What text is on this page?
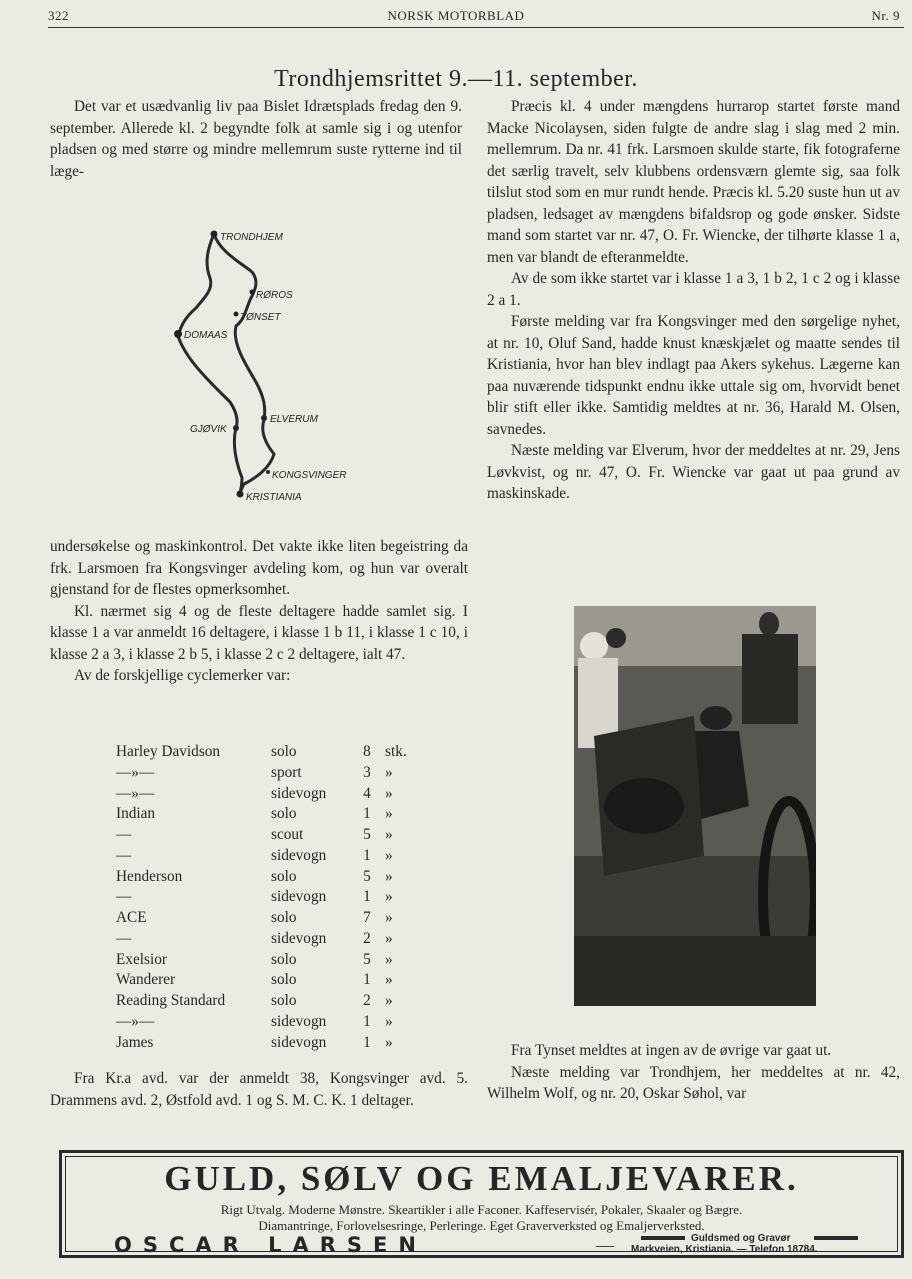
322	NORSK MOTORBLAD	Nr. 9
Trondhjemsrittet 9.—11. september.

Det var et usædvanlig liv paa Bislet Idrætsplads fredag den 9. september. Allerede kl. 2 begyndte folk at samle sig i og utenfor pladsen og med større og mindre mellemrum suste rytterne ind til læge-

TRONDHJEM
RØROS
TØNSET
DOMAAS
ELVERUM
GJØVIK
KONGSVINGER
KRISTIANIA

undersøkelse og maskinkontrol. Det vakte ikke liten begeistring da frk. Larsmoen fra Kongsvinger avdeling kom, og hun var overalt gjenstand for de flestes opmerksomhet.

Kl. nærmet sig 4 og de fleste deltagere hadde samlet sig. I klasse 1 a var anmeldt 16 deltagere, i klasse 1 b 11, i klasse 1 c 10, i klasse 2 a 3, i klasse 2 b 5, i klasse 2 c 2 deltagere, ialt 47.

Av de forskjellige cyclemerker var:

Harley Davidson	solo	8 stk.
—»—	sport	3 »
—»—	sidevogn	4 »
Indian	solo	1 »
—	scout	5 »
—	sidevogn	1 »
Henderson	solo	5 »
—	sidevogn	1 »
ACE	solo	7 »
—	sidevogn	2 »
Exelsior	solo	5 »
Wanderer	solo	1 »
Reading Standard	solo	2 »
—»—	sidevogn	1 »
James	sidevogn	1 »

Fra Kr.a avd. var der anmeldt 38, Kongsvinger avd. 5. Drammens avd. 2, Østfold avd. 1 og S. M. C. K. 1 deltager.

Præcis kl. 4 under mængdens hurrarop startet første mand Macke Nicolaysen, siden fulgte de andre slag i slag med 2 min. mellemrum. Da nr. 41 frk. Larsmoen skulde starte, fik fotograferne det særlig travelt, selv klubbens ordensværn glemte sig, saa folk tilslut stod som en mur rundt hende. Præcis kl. 5.20 suste hun ut av pladsen, ledsaget av mængdens bifaldsrop og gode ønsker. Sidste mand som startet var nr. 47, O. Fr. Wiencke, der tilhørte klasse 1 a, men var blandt de efteranmeldte.

Av de som ikke startet var i klasse 1 a 3, 1 b 2, 1 c 2 og i klasse 2 a 1.

Første melding var fra Kongsvinger med den sørgelige nyhet, at nr. 10, Oluf Sand, hadde knust knæskjælet og maatte sendes til Kristiania, hvor han blev indlagt paa Akers sykehus. Lægerne kan paa nuværende tidspunkt endnu ikke uttale sig om, hvorvidt benet blir stift eller ikke. Samtidig meldtes at nr. 36, Harald M. Olsen, savnedes.

Næste melding var Elverum, hvor der meddeltes at nr. 29, Jens Løvkvist, og nr. 47, O. Fr. Wiencke var gaat ut paa grund av maskinskade.

Fra Tynset meldtes at ingen av de øvrige var gaat ut.

Næste melding var Trondhjem, her meddeltes at nr. 42, Wilhelm Wolf, og nr. 20, Oskar Søhol, var

GULD, SØLV OG EMALJEVARER.
Rigt Utvalg. Moderne Mønstre. Skeartikler i alle Faconer. Kaffeservisér, Pokaler, Skaaler og Bægre.
Diamantringe, Forlovelsesringe, Perleringe. Eget Graververksted og Emaljerverksted.
OSCAR LARSEN	—	Guldsmed og Gravør
Markveien, Kristiania. — Telefon 18784.
